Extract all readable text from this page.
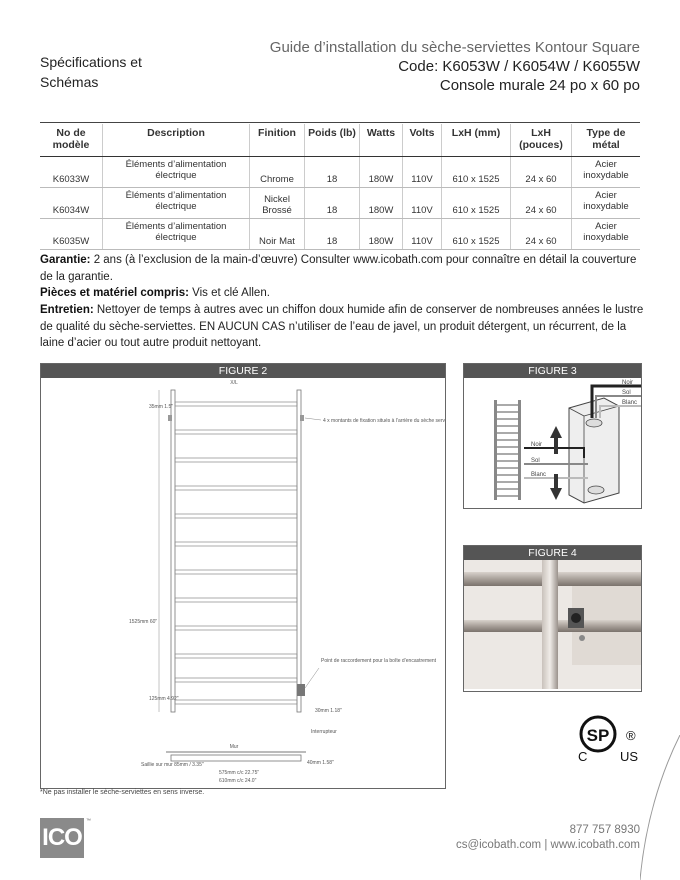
Spécifications et
Schémas
Guide d’installation du sèche-serviettes Kontour Square
Code: K6053W / K6054W / K6055W
Console murale 24 po x 60 po
No de modèle	Description	Finition	Poids (lb)	Watts	Volts	LxH (mm)	LxH (pouces)	Type de métal
K6033W	Éléments d’alimentation électrique	Chrome	18	180W	110V	610 x 1525	24 x 60	Acier inoxydable
K6034W	Éléments d’alimentation électrique	Nickel Brossé	18	180W	110V	610 x 1525	24 x 60	Acier inoxydable
K6035W	Éléments d’alimentation électrique	Noir Mat	18	180W	110V	610 x 1525	24 x 60	Acier inoxydable
Garantie: 2 ans (à l’exclusion de la main-d’œuvre) Consulter www.icobath.com pour connaître en détail la couverture de la garantie.
Pièces et matériel compris: Vis et clé Allen.
Entretien: Nettoyer de temps à autres avec un chiffon doux humide afin de conserver de nombreuses années le lustre de qualité du sèche-serviettes. EN AUCUN CAS n’utiliser de l’eau de javel, un produit détergent, un récurrent, de la laine d’acier ou tout autre produit nettoyant.
FIGURE 2
X/L
4 x montants de fixation situés à l’arrière du sèche serviettes
1525mm 60"
35mm 1.5"
125mm 4.92"
Point de raccordement pour la boîte d’encastrement
30mm 1.18"
Interrupteur
Mur
Saillie sur mur 85mm / 3.35"	40mm 1.58"
575mm c/c 22.75"
610mm c/c 24.0"
*Ne pas installer le sèche-serviettes en sens inverse.
FIGURE 3
Noir
Sol
Blanc
Noir
Sol
Blanc
FIGURE 4
SP ®
C	US
ICO
™
877 757 8930
cs@icobath.com | www.icobath.com
